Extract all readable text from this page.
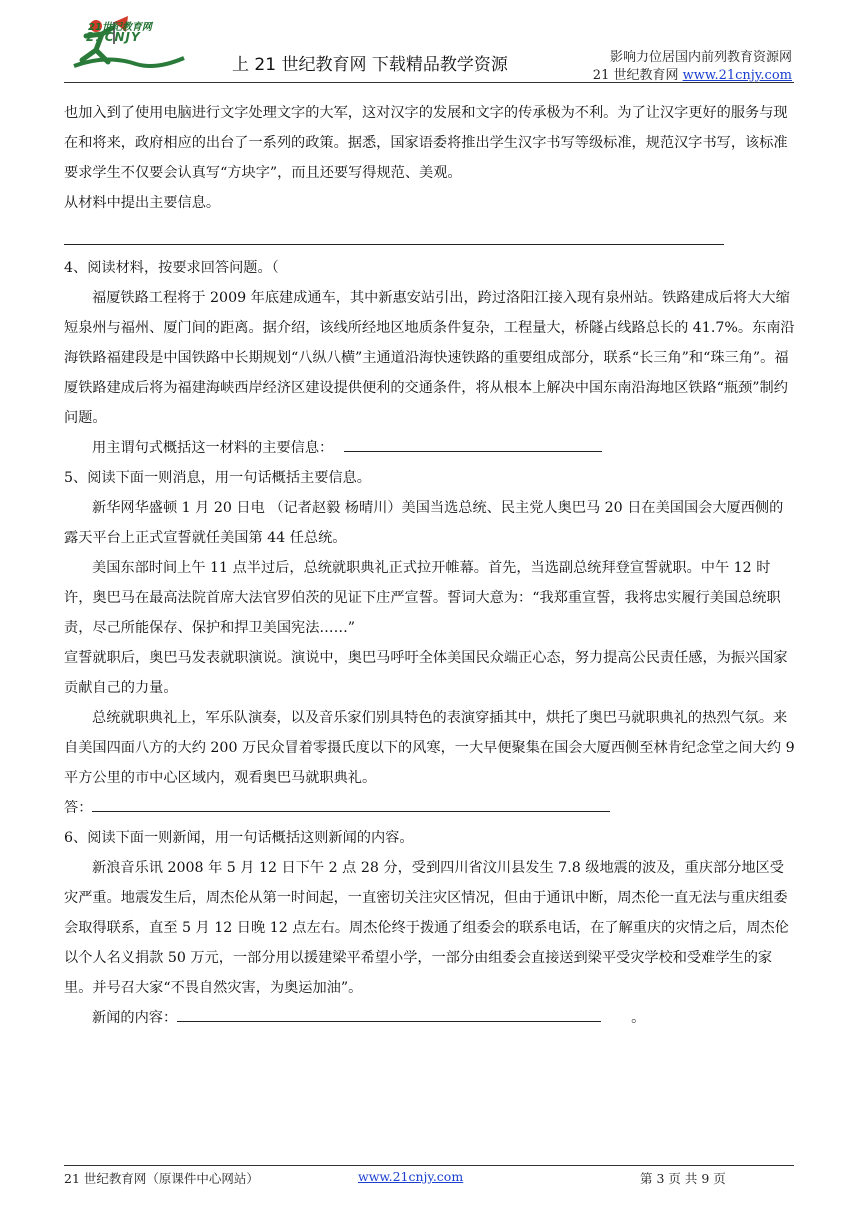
21世纪教育网
21CNJY
上 21 世纪教育网 下载精品教学资源	影响力位居国内前列教育资源网
21 世纪教育网 www.21cnjy.com

也加入到了使用电脑进行文字处理文字的大军，这对汉字的发展和文字的传承极为不利。为了让汉字更好的服务与现在和将来，政府相应的出台了一系列的政策。据悉，国家语委将推出学生汉字书写等级标准，规范汉字书写，该标准要求学生不仅要会认真写“方块字”，而且还要写得规范、美观。

从材料中提出主要信息。

4、阅读材料，按要求回答问题。（

福厦铁路工程将于 2009 年底建成通车，其中新惠安站引出，跨过洛阳江接入现有泉州站。铁路建成后将大大缩短泉州与福州、厦门间的距离。据介绍，该线所经地区地质条件复杂，工程量大，桥隧占线路总长的 41.7%。东南沿海铁路福建段是中国铁路中长期规划“八纵八横”主通道沿海快速铁路的重要组成部分，联系“长三角”和“珠三角”。福厦铁路建成后将为福建海峡西岸经济区建设提供便利的交通条件，将从根本上解决中国东南沿海地区铁路“瓶颈”制约问题。

用主谓句式概括这一材料的主要信息：

5、阅读下面一则消息，用一句话概括主要信息。

新华网华盛顿 1 月 20 日电 （记者赵毅 杨晴川）美国当选总统、民主党人奥巴马 20 日在美国国会大厦西侧的露天平台上正式宣誓就任美国第 44 任总统。

美国东部时间上午 11 点半过后，总统就职典礼正式拉开帷幕。首先，当选副总统拜登宣誓就职。中午 12 时许，奥巴马在最高法院首席大法官罗伯茨的见证下庄严宣誓。誓词大意为：“我郑重宣誓，我将忠实履行美国总统职责，尽己所能保存、保护和捍卫美国宪法……”

宣誓就职后，奥巴马发表就职演说。演说中，奥巴马呼吁全体美国民众端正心态，努力提高公民责任感，为振兴国家贡献自己的力量。

总统就职典礼上，军乐队演奏，以及音乐家们别具特色的表演穿插其中，烘托了奥巴马就职典礼的热烈气氛。来自美国四面八方的大约 200 万民众冒着零摄氏度以下的风寒，一大早便聚集在国会大厦西侧至林肯纪念堂之间大约 9 平方公里的市中心区域内，观看奥巴马就职典礼。

答：

6、阅读下面一则新闻，用一句话概括这则新闻的内容。

新浪音乐讯 2008 年 5 月 12 日下午 2 点 28 分，受到四川省汶川县发生 7.8 级地震的波及，重庆部分地区受灾严重。地震发生后，周杰伦从第一时间起，一直密切关注灾区情况，但由于通讯中断，周杰伦一直无法与重庆组委会取得联系，直至 5 月 12 日晚 12 点左右。周杰伦终于拨通了组委会的联系电话，在了解重庆的灾情之后，周杰伦以个人名义捐款 50 万元，一部分用以援建梁平希望小学，一部分由组委会直接送到梁平受灾学校和受难学生的家里。并号召大家“不畏自然灾害，为奥运加油”。

新闻的内容：	。

21 世纪教育网（原课件中心网站）	www.21cnjy.com	第 3 页 共 9 页
